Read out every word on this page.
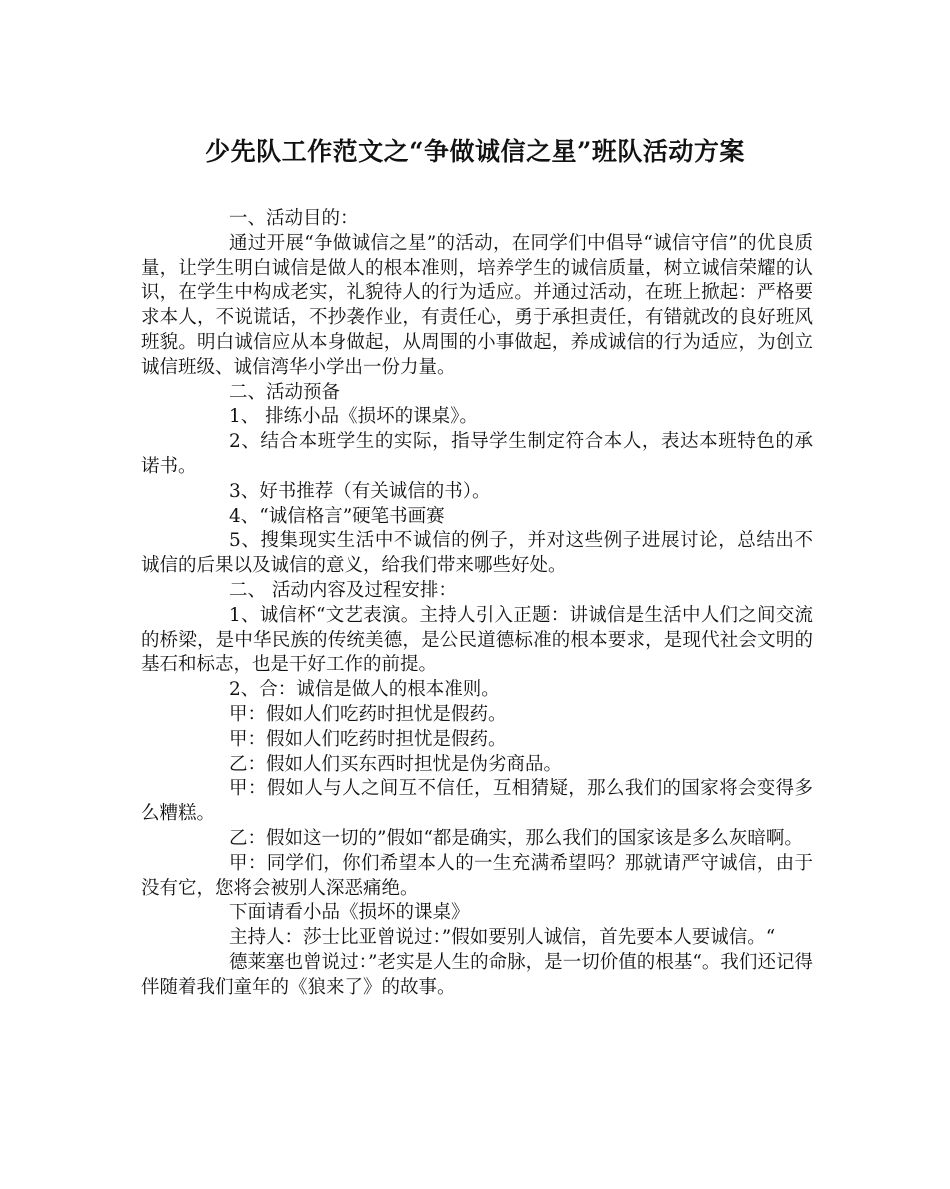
少先队工作范文之“争做诚信之星”班队活动方案

一、活动目的：

通过开展“争做诚信之星”的活动，在同学们中倡导“诚信守信”的优良质量，让学生明白诚信是做人的根本准则，培养学生的诚信质量，树立诚信荣耀的认识，在学生中构成老实，礼貌待人的行为适应。并通过活动，在班上掀起：严格要求本人，不说谎话，不抄袭作业，有责任心，勇于承担责任，有错就改的良好班风班貌。明白诚信应从本身做起，从周围的小事做起，养成诚信的行为适应，为创立诚信班级、诚信湾华小学出一份力量。

二、活动预备

1、 排练小品《损坏的课桌》。

2、结合本班学生的实际，指导学生制定符合本人，表达本班特色的承诺书。

3、好书推荐（有关诚信的书）。

4、“诚信格言”硬笔书画赛

5、搜集现实生活中不诚信的例子，并对这些例子进展讨论，总结出不诚信的后果以及诚信的意义，给我们带来哪些好处。

二、 活动内容及过程安排：

1、诚信杯“文艺表演。主持人引入正题：讲诚信是生活中人们之间交流的桥梁，是中华民族的传统美德，是公民道德标准的根本要求，是现代社会文明的基石和标志，也是干好工作的前提。

2、合：诚信是做人的根本准则。

甲：假如人们吃药时担忧是假药。

甲：假如人们吃药时担忧是假药。

乙：假如人们买东西时担忧是伪劣商品。

甲：假如人与人之间互不信任，互相猜疑，那么我们的国家将会变得多么糟糕。

乙：假如这一切的”假如“都是确实，那么我们的国家该是多么灰暗啊。

甲：同学们，你们希望本人的一生充满希望吗？那就请严守诚信，由于没有它，您将会被别人深恶痛绝。

下面请看小品《损坏的课桌》

主持人：莎士比亚曾说过：”假如要别人诚信，首先要本人要诚信。“

德莱塞也曾说过：”老实是人生的命脉，是一切价值的根基“。我们还记得伴随着我们童年的《狼来了》的故事。
